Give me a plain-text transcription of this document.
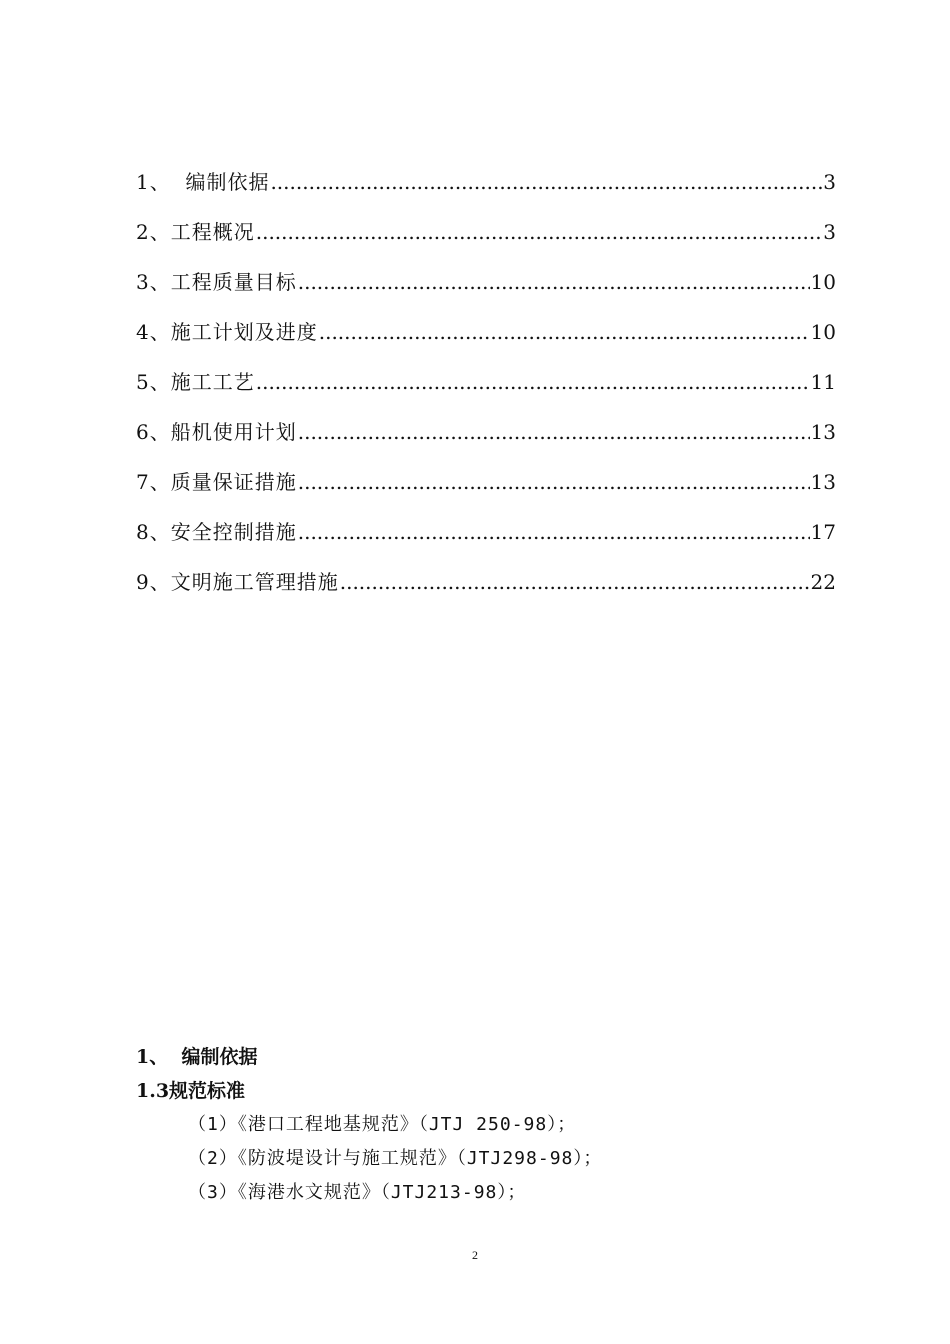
1、 编制依据 .....	3
2、 工程概况 .....	3
3、 工程质量目标 .....	10
4、 施工计划及进度 .....	10
5、 施工工艺 .....	11
6、 船机使用计划 .....	13
7、 质量保证措施 .....	13
8、 安全控制措施 .....	17
9、 文明施工管理措施 .....	22
1、  编制依据
1.3规范标准
（1）《港口工程地基规范》（JTJ 250-98）；
（2）《防波堤设计与施工规范》（JTJ298-98）；
（3）《海港水文规范》（JTJ213-98）；
2
